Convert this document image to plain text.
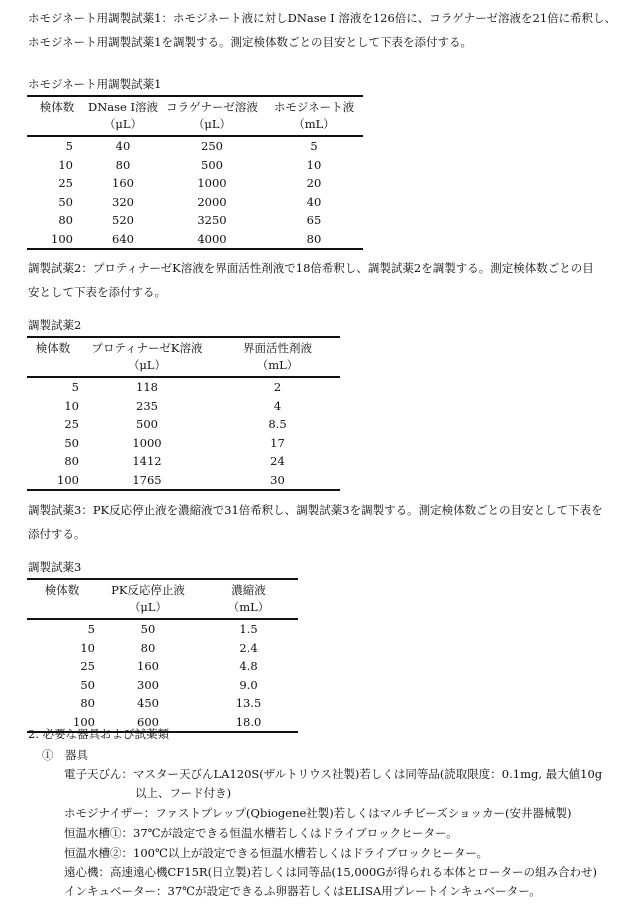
ホモジネート用調製試薬1：ホモジネート液に対しDNase I 溶液を126倍に、コラゲナーゼ溶液を21倍に希釈し、
ホモジネート用調製試薬1を調製する。測定検体数ごとの目安として下表を添付する。
ホモジネート用調製試薬1
検体数	DNase I溶液	コラゲナーゼ溶液	ホモジネート液
	（μL）	（μL）	（mL）
5	40	250	5
10	80	500	10
25	160	1000	20
50	320	2000	40
80	520	3250	65
100	640	4000	80
調製試薬2：プロティナーゼK溶液を界面活性剤液で18倍希釈し、調製試薬2を調製する。測定検体数ごとの目
安として下表を添付する。
調製試薬2
検体数	プロティナーゼK溶液	界面活性剤液
	（μL）	（mL）
5	118	2
10	235	4
25	500	8.5
50	1000	17
80	1412	24
100	1765	30
調製試薬3：PK反応停止液を濃縮液で31倍希釈し、調製試薬3を調製する。測定検体数ごとの目安として下表を
添付する。
調製試薬3
検体数	PK反応停止液	濃縮液
	（μL）	（mL）
5	50	1.5
10	80	2.4
25	160	4.8
50	300	9.0
80	450	13.5
100	600	18.0
2. 必要な器具および試薬類
①　器具
電子天びん：マスター天びんLA120S(ザルトリウス社製)若しくは同等品(読取限度：0.1mg, 最大値10g
以上、フード付き)
ホモジナイザー：ファストプレップ(Qbiogene社製)若しくはマルチビーズショッカー(安井器械製)
恒温水槽①：37℃が設定できる恒温水槽若しくはドライブロックヒーター。
恒温水槽②：100℃以上が設定できる恒温水槽若しくはドライブロックヒーター。
遠心機：高速遠心機CF15R(日立製)若しくは同等品(15,000Gが得られる本体とローターの組み合わせ)
インキュベーター：37℃が設定できるふ卵器若しくはELISA用プレートインキュベーター。
